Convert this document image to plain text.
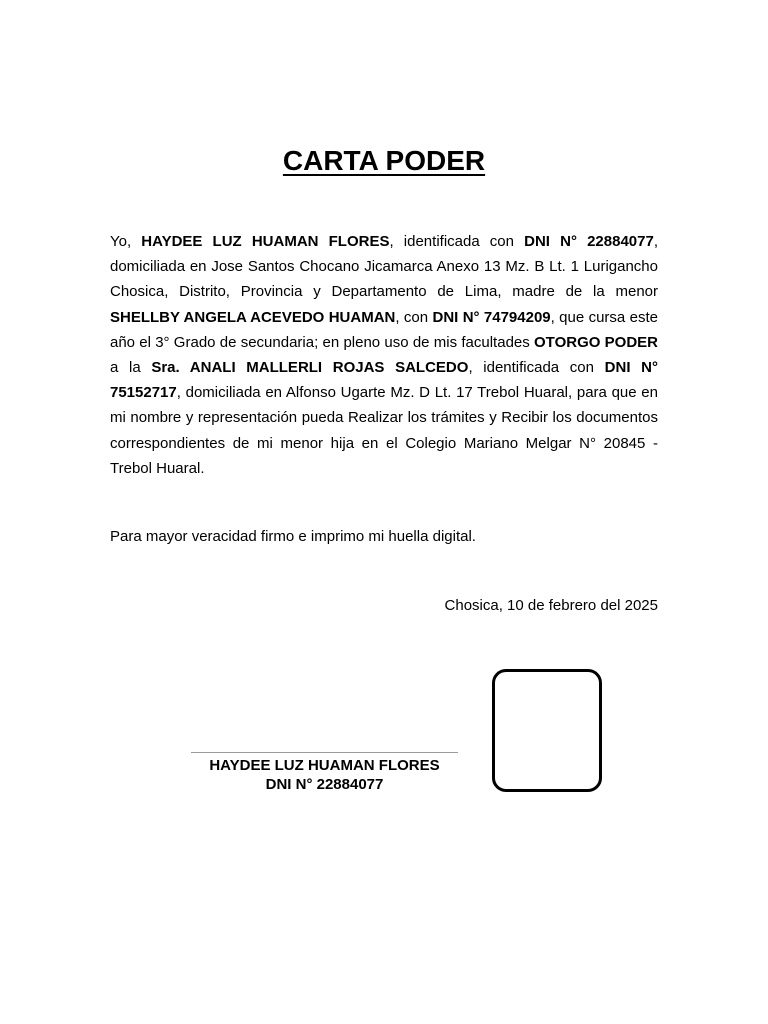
CARTA PODER

Yo, HAYDEE LUZ HUAMAN FLORES, identificada con DNI N° 22884077, domiciliada en Jose Santos Chocano Jicamarca Anexo 13 Mz. B Lt. 1 Lurigancho Chosica, Distrito, Provincia y Departamento de Lima, madre de la menor SHELLBY ANGELA ACEVEDO HUAMAN, con DNI N° 74794209, que cursa este año el 3° Grado de secundaria; en pleno uso de mis facultades OTORGO PODER a la Sra. ANALI MALLERLI ROJAS SALCEDO, identificada con DNI N° 75152717, domiciliada en Alfonso Ugarte Mz. D Lt. 17 Trebol Huaral, para que en mi nombre y representación pueda Realizar los trámites y Recibir los documentos correspondientes de mi menor hija en el Colegio Mariano Melgar N° 20845 - Trebol Huaral.

Para mayor veracidad firmo e imprimo mi huella digital.

Chosica, 10 de febrero del 2025

HAYDEE LUZ HUAMAN FLORES

DNI N° 22884077
